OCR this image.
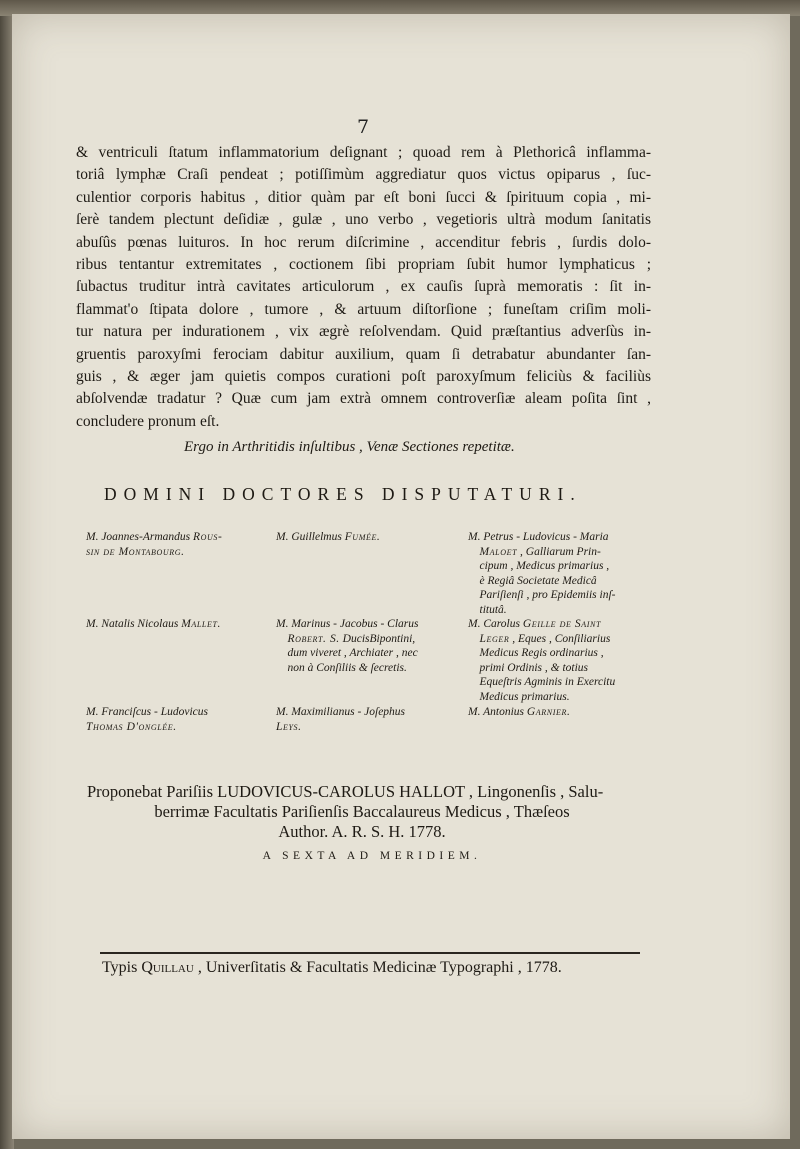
7
& ventriculi ſtatum inflammatorium deſignant ; quoad rem à Plethoricâ inflamma-
toriâ lymphæ Craſi pendeat ; potiſſimùm aggrediatur quos victus opiparus , ſuc-
culentior corporis habitus , ditior quàm par eſt boni ſucci & ſpirituum copia , mi-
ſerè tandem plectunt deſidiæ , gulæ , uno verbo , vegetioris ultrà modum ſanitatis
abuſûs pœnas luituros. In hoc rerum diſcrimine , accenditur febris , ſurdis dolo-
ribus tentantur extremitates , coctionem ſibi propriam ſubit humor lymphaticus ;
ſubactus truditur intrà cavitates articulorum , ex cauſis ſuprà memoratis : ſit in-
flammat'o ſtipata dolore , tumore , & artuum diſtorſione ; funeſtam criſim moli-
tur natura per indurationem , vix ægrè reſolvendam. Quid præſtantius adverſùs in-
gruentis paroxyſmi ferociam dabitur auxilium, quam ſi detrabatur abundanter ſan-
guis , & æger jam quietis compos curationi poſt paroxyſmum feliciùs & faciliùs
abſolvendæ tradatur ? Quæ cum jam extrà omnem controverſiæ aleam poſita ſint ,
concludere pronum eſt.
Ergo in Arthritidis inſultibus , Venæ Sectiones repetitæ.
DOMINI DOCTORES DISPUTATURI.
M. Joannes-Armandus Rous-
sin de Montabourg.
M. Guillelmus Fumée.	M. Petrus - Ludovicus - Maria
Maloet , Galliarum Prin-
cipum , Medicus primarius ,
è Regiâ Societate Medicâ
Pariſienſi , pro Epidemiis inſ-
titutâ.
M. Natalis Nicolaus Mallet.	M. Marinus - Jacobus - Clarus
Robert. S. DucisBipontini,
dum viveret , Archiater , nec
non à Conſiliis & ſecretis.
M. Carolus Geille de Saint
Leger , Eques , Conſiliarius
Medicus Regis ordinarius ,
primi Ordinis , & totius
Equeſtris Agminis in Exercitu
Medicus primarius.
M. Franciſcus - Ludovicus
Thomas D'onglée.
M. Maximilianus - Joſephus
Leys.
M. Antonius Garnier.
Proponebat Pariſiis LUDOVICUS-CAROLUS HALLOT , Lingonenſis , Salu-
berrimæ Facultatis Pariſienſis Baccalaureus Medicus , Thæſeos
Author. A. R. S. H. 1778.
A SEXTA AD MERIDIEM.
Typis Quillau , Univerſitatis & Facultatis Medicinæ Typographi , 1778.
